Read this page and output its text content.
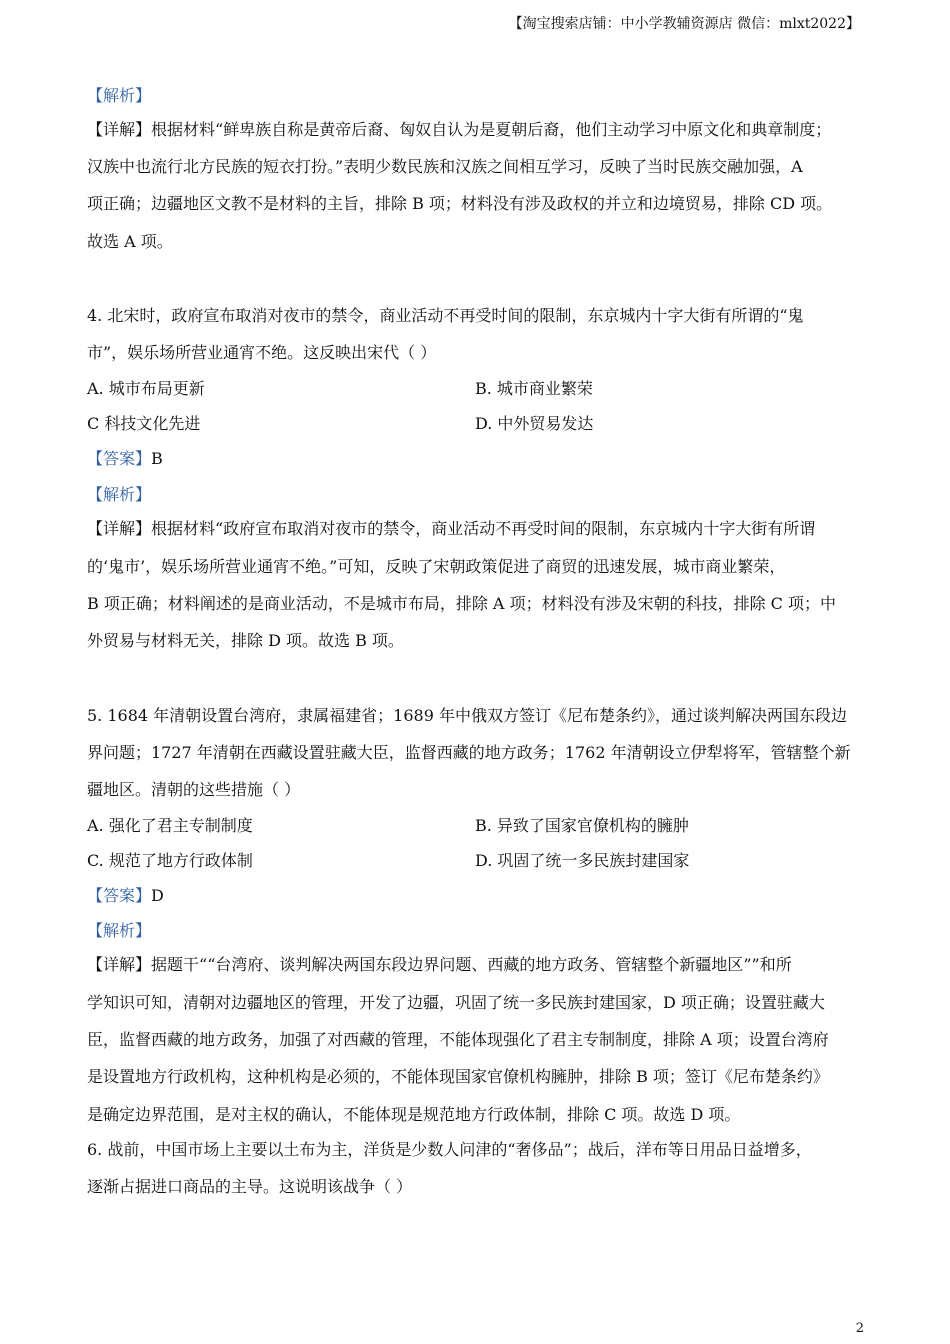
【淘宝搜索店铺：中小学教辅资源店 微信：mlxt2022】
【解析】
【详解】根据材料“鲜卑族自称是黄帝后裔、匈奴自认为是夏朝后裔，他们主动学习中原文化和典章制度；
汉族中也流行北方民族的短衣打扮。”表明少数民族和汉族之间相互学习，反映了当时民族交融加强，A
项正确；边疆地区文教不是材料的主旨，排除 B 项；材料没有涉及政权的并立和边境贸易，排除 CD 项。
故选 A 项。
4. 北宋时，政府宣布取消对夜市的禁令，商业活动不再受时间的限制，东京城内十字大街有所谓的“鬼
市”，娱乐场所营业通宵不绝。这反映出宋代（ ）
A. 城市布局更新	B. 城市商业繁荣
C 科技文化先进	D. 中外贸易发达
【答案】B
【解析】
【详解】根据材料“政府宣布取消对夜市的禁令，商业活动不再受时间的限制，东京城内十字大街有所谓
的‘鬼市’，娱乐场所营业通宵不绝。”可知，反映了宋朝政策促进了商贸的迅速发展，城市商业繁荣，
B 项正确；材料阐述的是商业活动，不是城市布局，排除 A 项；材料没有涉及宋朝的科技，排除 C 项；中
外贸易与材料无关，排除 D 项。故选 B 项。
5. 1684 年清朝设置台湾府，隶属福建省；1689 年中俄双方签订《尼布楚条约》，通过谈判解决两国东段边
界问题；1727 年清朝在西藏设置驻藏大臣，监督西藏的地方政务；1762 年清朝设立伊犁将军，管辖整个新
疆地区。清朝的这些措施（ ）
A. 强化了君主专制制度	B. 异致了国家官僚机构的臃肿
C. 规范了地方行政体制	D. 巩固了统一多民族封建国家
【答案】D
【解析】
【详解】据题干““台湾府、谈判解决两国东段边界问题、西藏的地方政务、管辖整个新疆地区””和所
学知识可知，清朝对边疆地区的管理，开发了边疆，巩固了统一多民族封建国家，D 项正确；设置驻藏大
臣，监督西藏的地方政务，加强了对西藏的管理，不能体现强化了君主专制制度，排除 A 项；设置台湾府
是设置地方行政机构，这种机构是必须的，不能体现国家官僚机构臃肿，排除 B 项；签订《尼布楚条约》
是确定边界范围，是对主权的确认，不能体现是规范地方行政体制，排除 C 项。故选 D 项。
6. 战前，中国市场上主要以土布为主，洋货是少数人问津的“奢侈品”；战后，洋布等日用品日益增多，
逐渐占据进口商品的主导。这说明该战争（ ）
2
